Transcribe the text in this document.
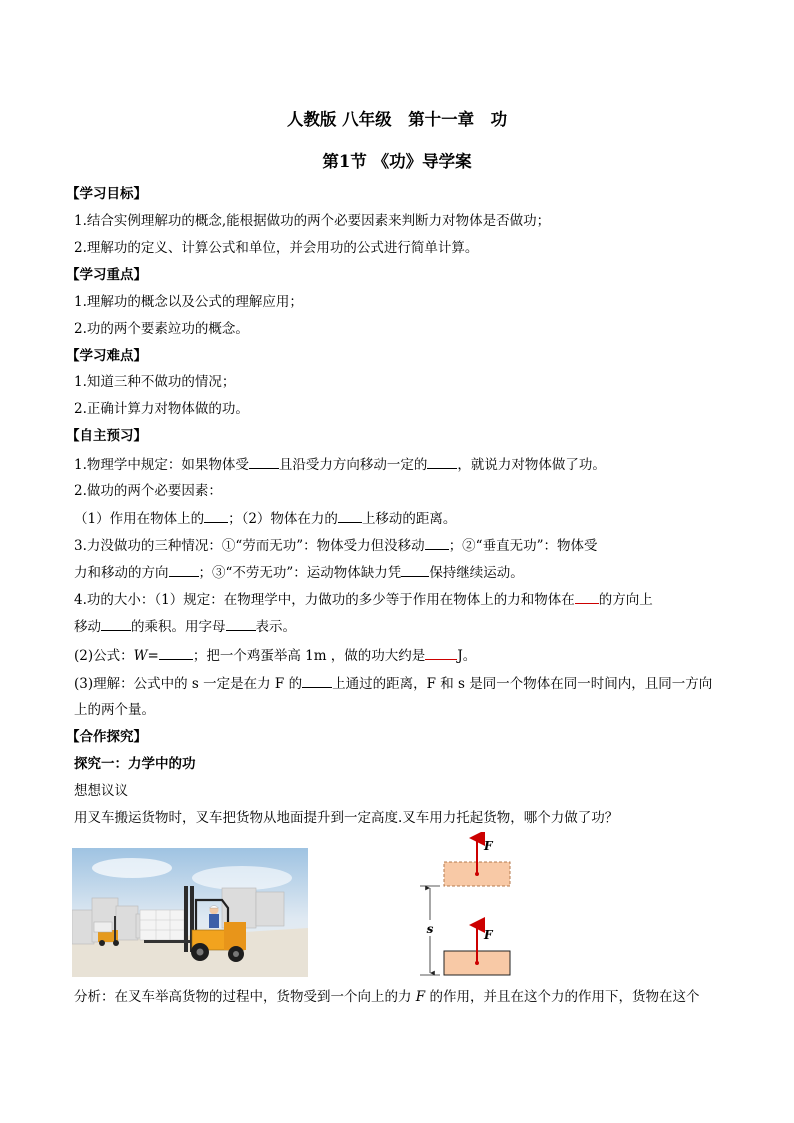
人教版 八年级　第十一章　功
第1节 《功》导学案
【学习目标】
1.结合实例理解功的概念,能根据做功的两个必要因素来判断力对物体是否做功；
2.理解功的定义、计算公式和单位，并会用功的公式进行简单计算。
【学习重点】
1.理解功的概念以及公式的理解应用；
2.功的两个要素竝功的概念。
【学习难点】
1.知道三种不做功的情况；
2.正确计算力对物体做的功。
【自主预习】
1.物理学中规定：如果物体受 且沿受力方向移动一定的 ，就说力对物体做了功。
2.做功的两个必要因素：
（1）作用在物体上的 ；（2）物体在力的 上移动的距离。
3.力没做功的三种情况：①“劳而无功”：物体受力但没移动 ；②“垂直无功”：物体受
力和移动的方向 ；③“不劳无功”：运动物体缺力凭 保持继续运动。
4.功的大小：（1）规定：在物理学中，力做功的多少等于作用在物体上的力和物体在 的方向上
移动 的乘积。用字母 表示。
(2)公式：W=	；把一个鸡蛋举高 1m ，做的功大约是 J。
(3)理解：公式中的 s 一定是在力 F 的 上通过的距离，F 和 s 是同一个物体在同一时间内，且同一方向
上的两个量。
【合作探究】
探究一：力学中的功
想想议议
用叉车搬运货物时，叉车把货物从地面提升到一定高度.叉车用力托起货物，哪个力做了功？
s
F
F
分析：在叉车举高货物的过程中，货物受到一个向上的力 F 的作用，并且在这个力的作用下，货物在这个
